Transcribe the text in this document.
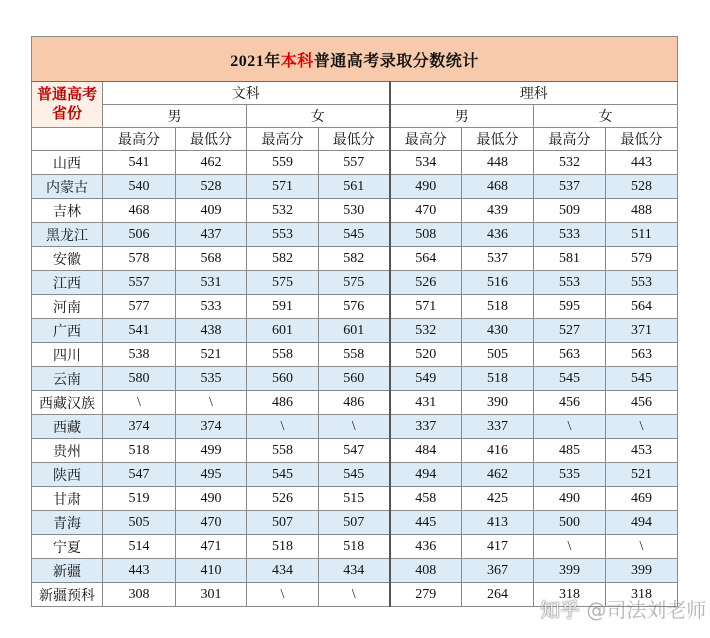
2021年本科普通高考录取分数统计								

普通高考省份	文科				理科			
	男		女		男		女	
	最高分	最低分	最高分	最低分	最高分	最低分	最高分	最低分
山西	541	462	559	557	534	448	532	443
内蒙古	540	528	571	561	490	468	537	528
吉林	468	409	532	530	470	439	509	488
黑龙江	506	437	553	545	508	436	533	511
安徽	578	568	582	582	564	537	581	579
江西	557	531	575	575	526	516	553	553
河南	577	533	591	576	571	518	595	564
广西	541	438	601	601	532	430	527	371
四川	538	521	558	558	520	505	563	563
云南	580	535	560	560	549	518	545	545
西藏汉族	\	\	486	486	431	390	456	456
西藏	374	374	\	\	337	337	\	\
贵州	518	499	558	547	484	416	485	453
陕西	547	495	545	545	494	462	535	521
甘肃	519	490	526	515	458	425	490	469
青海	505	470	507	507	445	413	500	494
宁夏	514	471	518	518	436	417	\	\
新疆	443	410	434	434	408	367	399	399
新疆预科	308	301	\	\	279	264	318	318
知乎 @司法刘老师
